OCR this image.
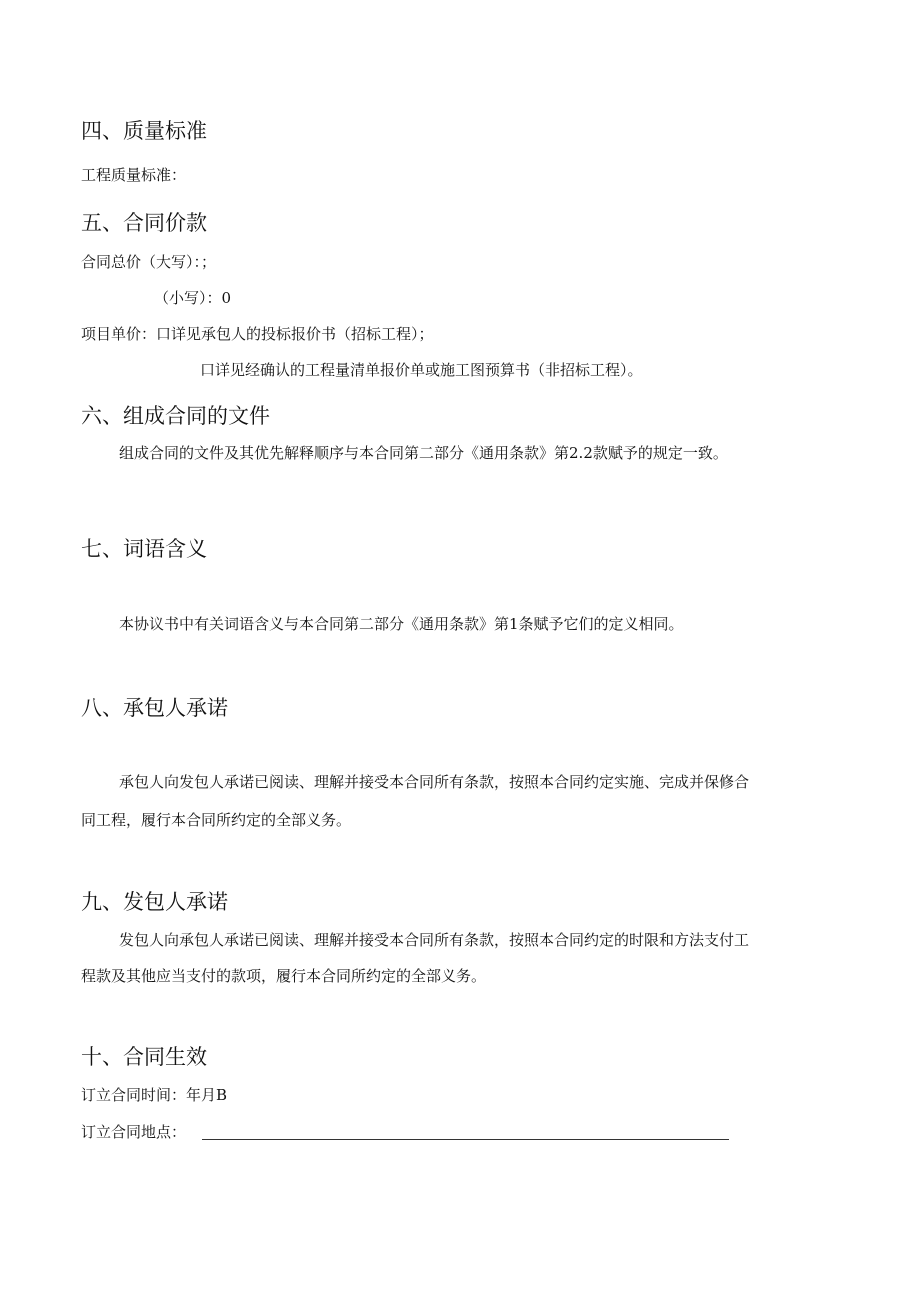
四、质量标准

工程质量标准：

五、合同价款

合同总价（大写）：；

（小写）：0

项目单价：口详见承包人的投标报价书（招标工程）；

口详见经确认的工程量清单报价单或施工图预算书（非招标工程）。

六、组成合同的文件

组成合同的文件及其优先解释顺序与本合同第二部分《通用条款》第2.2款赋予的规定一致。

七、词语含义

本协议书中有关词语含义与本合同第二部分《通用条款》第1条赋予它们的定义相同。

八、承包人承诺

承包人向发包人承诺已阅读、理解并接受本合同所有条款，按照本合同约定实施、完成并保修合

同工程，履行本合同所约定的全部义务。

九、发包人承诺

发包人向承包人承诺已阅读、理解并接受本合同所有条款，按照本合同约定的时限和方法支付工

程款及其他应当支付的款项，履行本合同所约定的全部义务。

十、合同生效

订立合同时间：年月B

订立合同地点：
